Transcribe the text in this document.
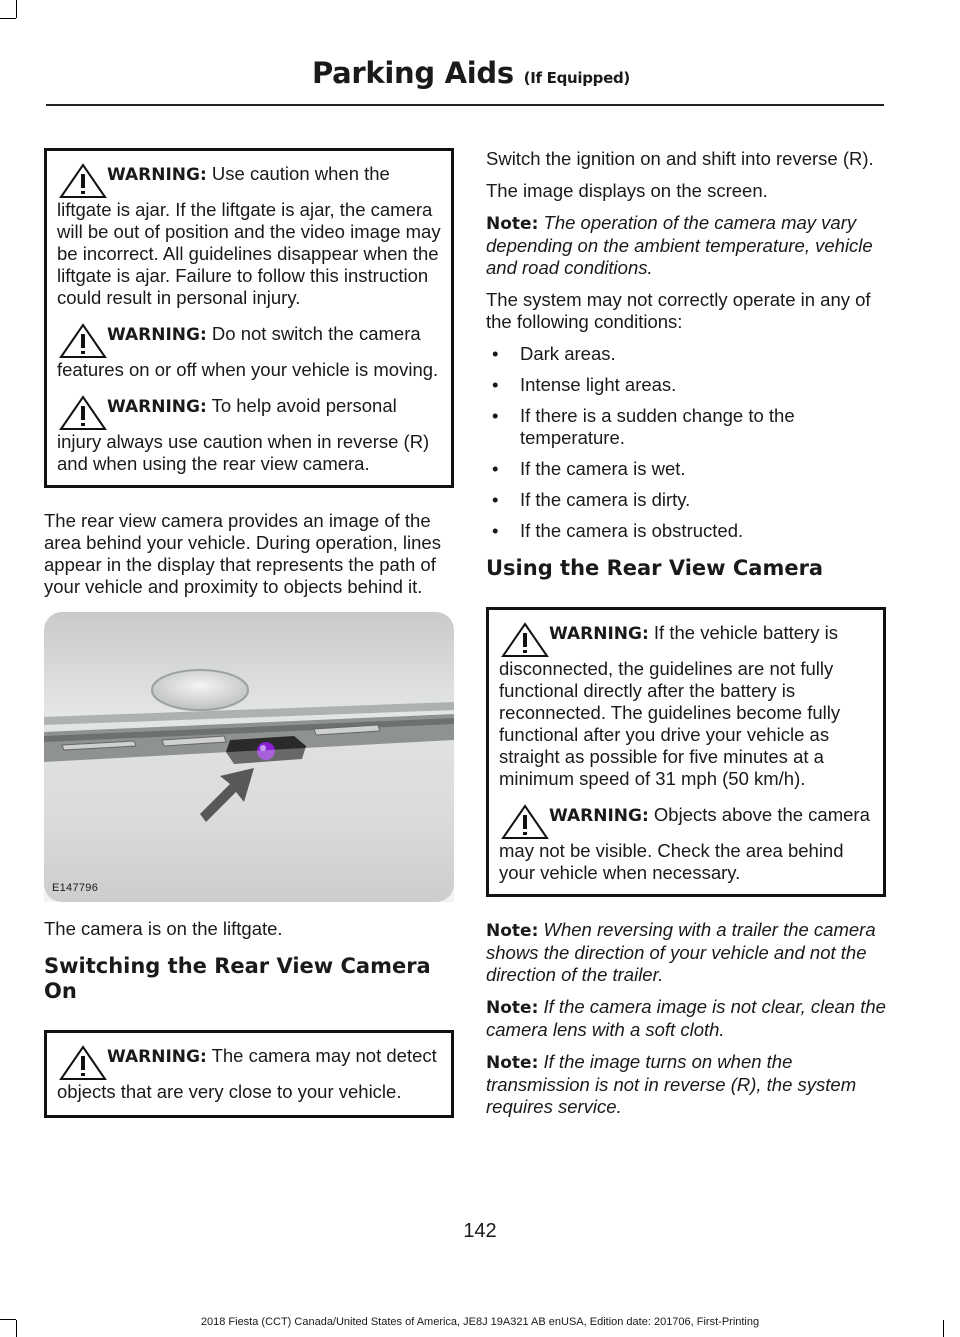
Parking Aids (If Equipped)
WARNING: Use caution when the liftgate is ajar. If the liftgate is ajar, the camera will be out of position and the video image may be incorrect. All guidelines disappear when the liftgate is ajar. Failure to follow this instruction could result in personal injury.
WARNING: Do not switch the camera features on or off when your vehicle is moving.
WARNING: To help avoid personal injury always use caution when in reverse (R) and when using the rear view camera.

The rear view camera provides an image of the area behind your vehicle. During operation, lines appear in the display that represents the path of your vehicle and proximity to objects behind it.

E147796

The camera is on the liftgate.

Switching the Rear View Camera On
WARNING: The camera may not detect objects that are very close to your vehicle.

Switch the ignition on and shift into reverse (R).

The image displays on the screen.

Note: The operation of the camera may vary depending on the ambient temperature, vehicle and road conditions.

The system may not correctly operate in any of the following conditions:

• Dark areas.
• Intense light areas.
• If there is a sudden change to the temperature.
• If the camera is wet.
• If the camera is dirty.
• If the camera is obstructed.
Using the Rear View Camera
WARNING: If the vehicle battery is disconnected, the guidelines are not fully functional directly after the battery is reconnected. The guidelines become fully functional after you drive your vehicle as straight as possible for five minutes at a minimum speed of 31 mph (50 km/h).
WARNING: Objects above the camera may not be visible. Check the area behind your vehicle when necessary.

Note: When reversing with a trailer the camera shows the direction of your vehicle and not the direction of the trailer.

Note: If the camera image is not clear, clean the camera lens with a soft cloth.

Note: If the image turns on when the transmission is not in reverse (R), the system requires service.

142
2018 Fiesta (CCT) Canada/United States of America, JE8J 19A321 AB enUSA, Edition date: 201706, First-Printing
